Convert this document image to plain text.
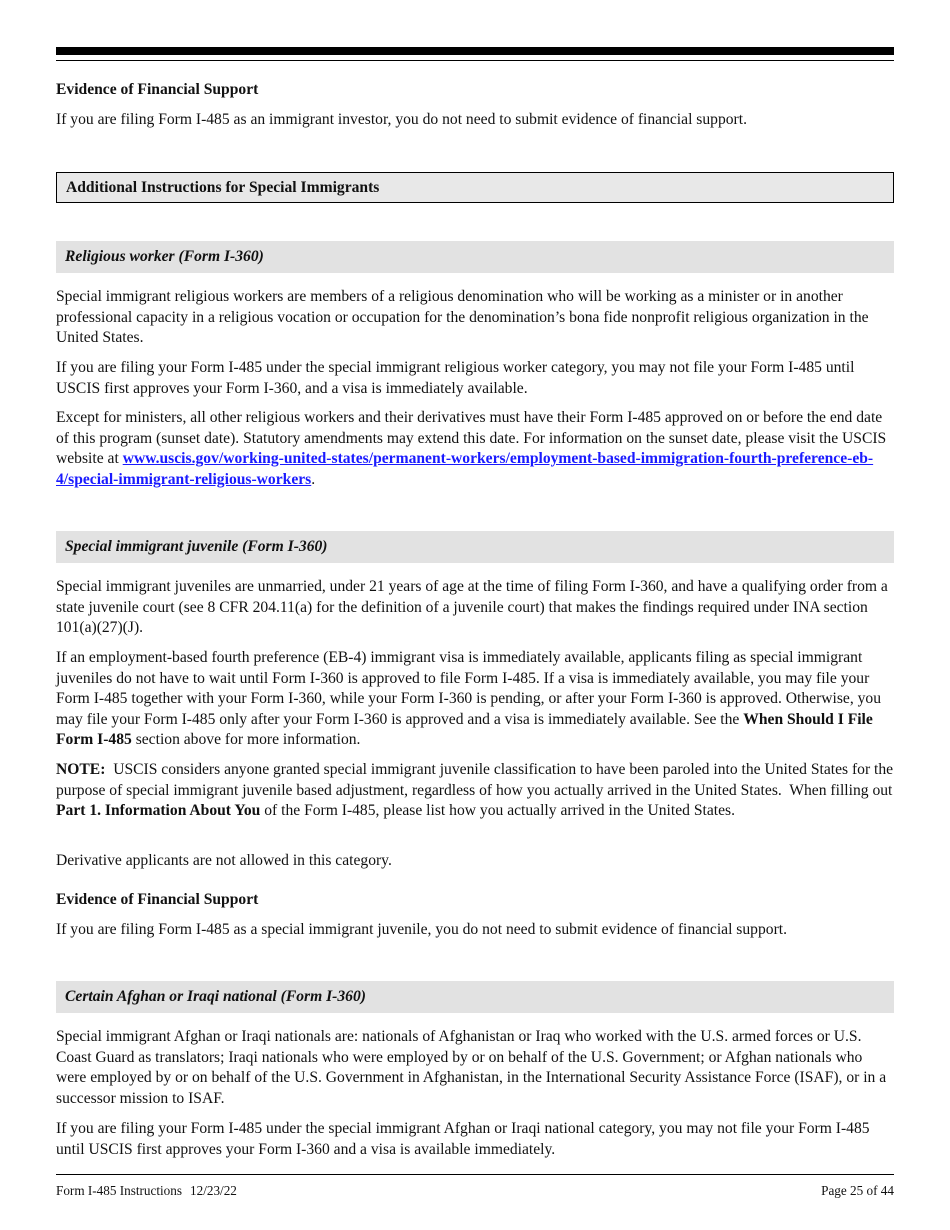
Evidence of Financial Support
If you are filing Form I-485 as an immigrant investor, you do not need to submit evidence of financial support.
Additional Instructions for Special Immigrants
Religious worker (Form I-360)
Special immigrant religious workers are members of a religious denomination who will be working as a minister or in another professional capacity in a religious vocation or occupation for the denomination’s bona fide nonprofit religious organization in the United States.
If you are filing your Form I-485 under the special immigrant religious worker category, you may not file your Form I-485 until USCIS first approves your Form I-360, and a visa is immediately available.
Except for ministers, all other religious workers and their derivatives must have their Form I-485 approved on or before the end date of this program (sunset date). Statutory amendments may extend this date. For information on the sunset date, please visit the USCIS website at www.uscis.gov/working-united-states/permanent-workers/employment-based-immigration-fourth-preference-eb-4/special-immigrant-religious-workers.
Special immigrant juvenile (Form I-360)
Special immigrant juveniles are unmarried, under 21 years of age at the time of filing Form I-360, and have a qualifying order from a state juvenile court (see 8 CFR 204.11(a) for the definition of a juvenile court) that makes the findings required under INA section 101(a)(27)(J).
If an employment-based fourth preference (EB-4) immigrant visa is immediately available, applicants filing as special immigrant juveniles do not have to wait until Form I-360 is approved to file Form I-485. If a visa is immediately available, you may file your Form I-485 together with your Form I-360, while your Form I-360 is pending, or after your Form I-360 is approved. Otherwise, you may file your Form I-485 only after your Form I-360 is approved and a visa is immediately available. See the When Should I File Form I-485 section above for more information.
NOTE:  USCIS considers anyone granted special immigrant juvenile classification to have been paroled into the United States for the purpose of special immigrant juvenile based adjustment, regardless of how you actually arrived in the United States.  When filling out Part 1. Information About You of the Form I-485, please list how you actually arrived in the United States.
Derivative applicants are not allowed in this category.
Evidence of Financial Support
If you are filing Form I-485 as a special immigrant juvenile, you do not need to submit evidence of financial support.
Certain Afghan or Iraqi national (Form I-360)
Special immigrant Afghan or Iraqi nationals are: nationals of Afghanistan or Iraq who worked with the U.S. armed forces or U.S. Coast Guard as translators; Iraqi nationals who were employed by or on behalf of the U.S. Government; or Afghan nationals who were employed by or on behalf of the U.S. Government in Afghanistan, in the International Security Assistance Force (ISAF), or in a successor mission to ISAF.
If you are filing your Form I-485 under the special immigrant Afghan or Iraqi national category, you may not file your Form I-485 until USCIS first approves your Form I-360 and a visa is available immediately.
Form I-485 Instructions 12/23/22	Page 25 of 44
